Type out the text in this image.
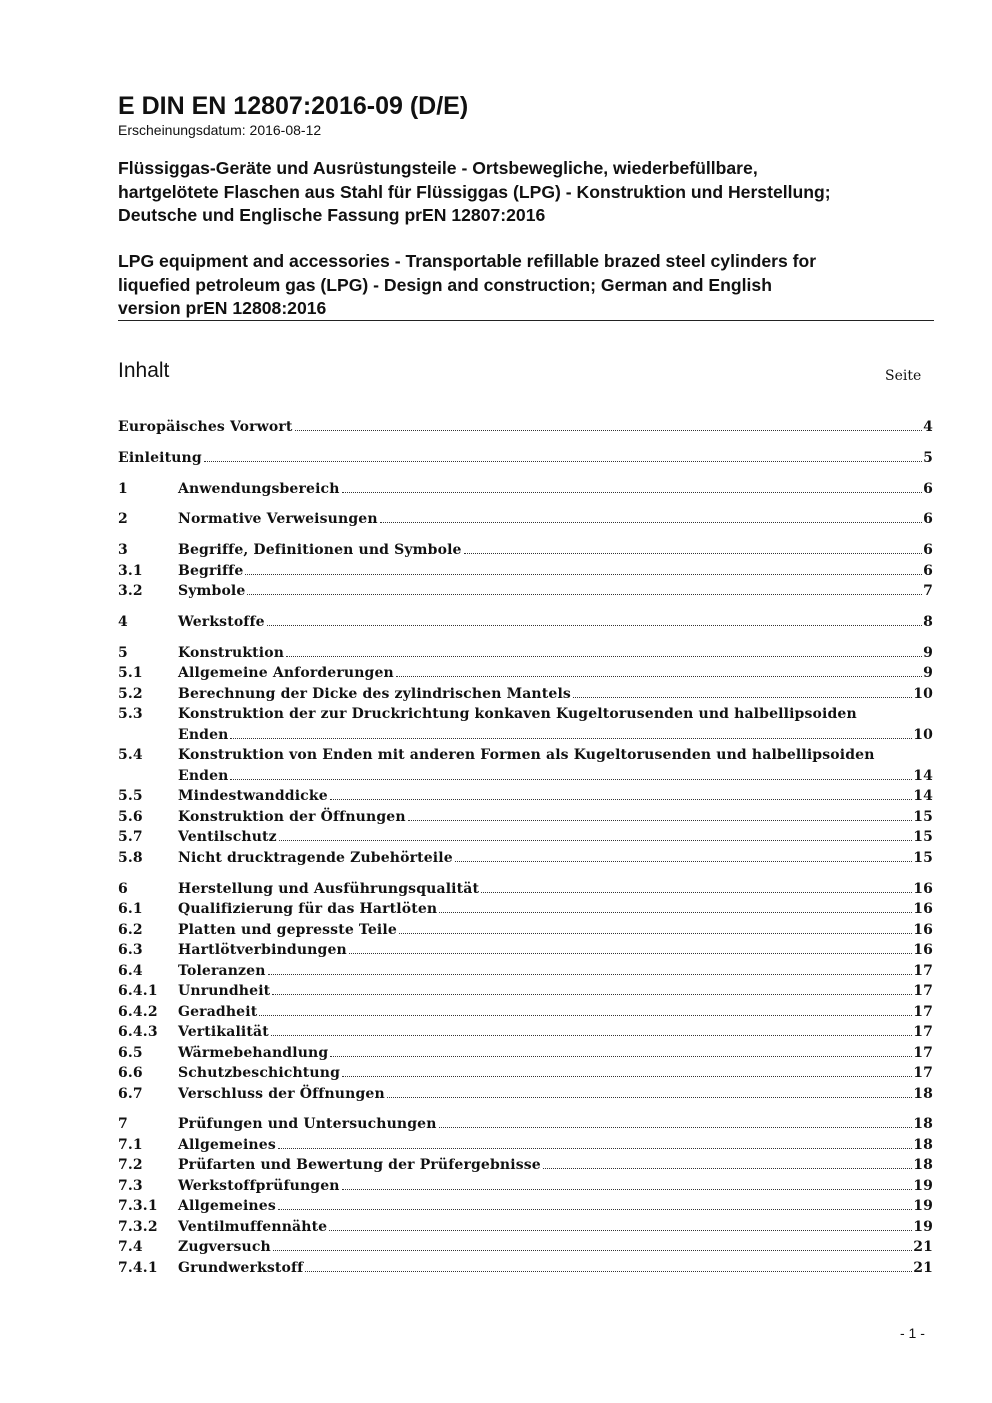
E DIN EN 12807:2016-09 (D/E)
Erscheinungsdatum: 2016-08-12
Flüssiggas-Geräte und Ausrüstungsteile - Ortsbewegliche, wiederbefüllbare,
hartgelötete Flaschen aus Stahl für Flüssiggas (LPG) - Konstruktion und Herstellung;
Deutsche und Englische Fassung prEN 12807:2016
LPG equipment and accessories - Transportable refillable brazed steel cylinders for
liquefied petroleum gas (LPG) - Design and construction; German and English
version prEN 12808:2016
Inhalt	Seite
Europäisches Vorwort	4
Einleitung	5
1	Anwendungsbereich	6
2	Normative Verweisungen	6
3	Begriffe, Definitionen und Symbole	6
3.1	Begriffe	6
3.2	Symbole	7
4	Werkstoffe	8
5	Konstruktion	9
5.1	Allgemeine Anforderungen	9
5.2	Berechnung der Dicke des zylindrischen Mantels	10
5.3	Konstruktion der zur Druckrichtung konkaven Kugeltorusenden und halbellipsoiden
Enden	10
5.4	Konstruktion von Enden mit anderen Formen als Kugeltorusenden und halbellipsoiden
Enden	14
5.5	Mindestwanddicke	14
5.6	Konstruktion der Öffnungen	15
5.7	Ventilschutz	15
5.8	Nicht drucktragende Zubehörteile	15
6	Herstellung und Ausführungsqualität	16
6.1	Qualifizierung für das Hartlöten	16
6.2	Platten und gepresste Teile	16
6.3	Hartlötverbindungen	16
6.4	Toleranzen	17
6.4.1	Unrundheit	17
6.4.2	Geradheit	17
6.4.3	Vertikalität	17
6.5	Wärmebehandlung	17
6.6	Schutzbeschichtung	17
6.7	Verschluss der Öffnungen	18
7	Prüfungen und Untersuchungen	18
7.1	Allgemeines	18
7.2	Prüfarten und Bewertung der Prüfergebnisse	18
7.3	Werkstoffprüfungen	19
7.3.1	Allgemeines	19
7.3.2	Ventilmuffennähte	19
7.4	Zugversuch	21
7.4.1	Grundwerkstoff	21
- 1 -
